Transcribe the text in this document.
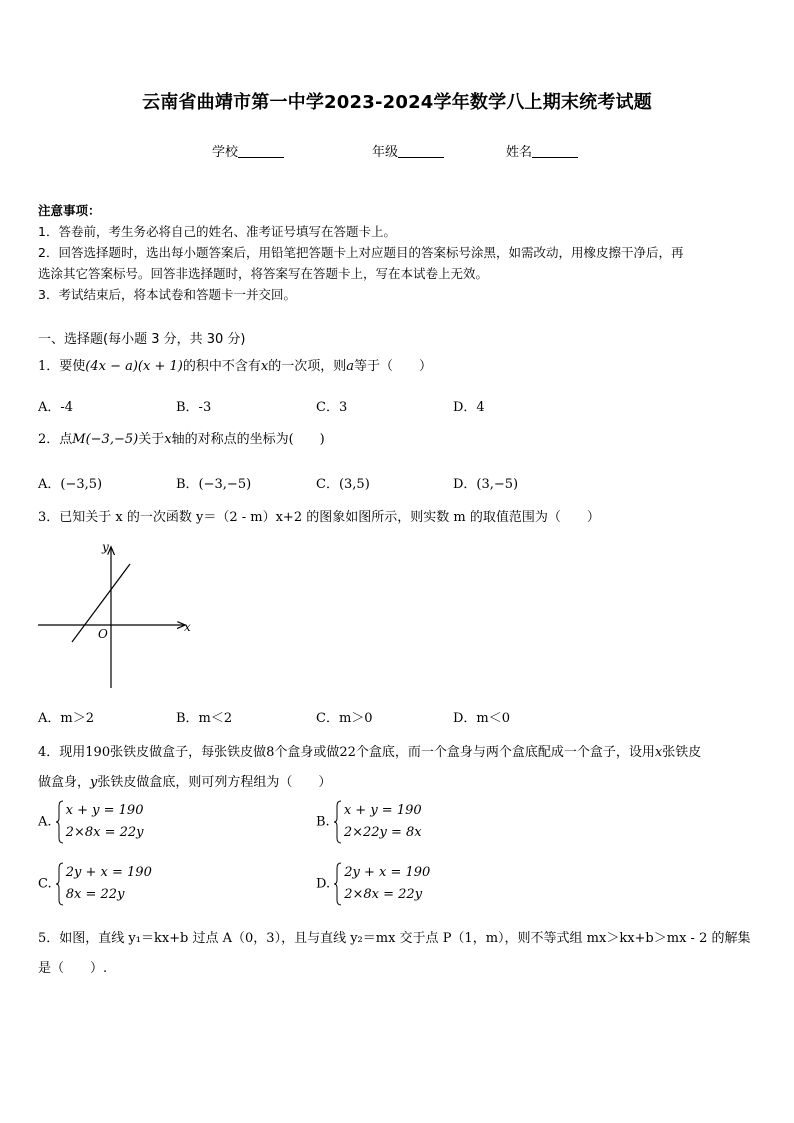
云南省曲靖市第一中学2023-2024学年数学八上期末统考试题
学校	年级	姓名
注意事项：
1．答卷前，考生务必将自己的姓名、准考证号填写在答题卡上。
2．回答选择题时，选出每小题答案后，用铅笔把答题卡上对应题目的答案标号涂黑，如需改动，用橡皮擦干净后，再
选涂其它答案标号。回答非选择题时，将答案写在答题卡上，写在本试卷上无效。
3．考试结束后，将本试卷和答题卡一并交回。
一、选择题(每小题 3 分，共 30 分)
1．要使(4x − a)(x + 1)的积中不含有x的一次项，则a等于（　　）
A．-4	B．-3	C．3	D．4
2．点M(−3,−5)关于x轴的对称点的坐标为(　　)
A．(−3,5)	B．(−3,−5)	C．(3,5)	D．(3,−5)
3．已知关于 x 的一次函数 y＝（2 - m）x+2 的图象如图所示，则实数 m 的取值范围为（　　）
x
y
O
A．m＞2	B．m＜2	C．m＞0	D．m＜0
4．现用190张铁皮做盒子，每张铁皮做8个盒身或做22个盒底，而一个盒身与两个盒底配成一个盒子，设用x张铁皮
做盒身，y张铁皮做盒底，则可列方程组为（　　）
A.
x + y = 190
2×8x = 22y
B.
x + y = 190
2×22y = 8x
C.
2y + x = 190
8x = 22y
D.
2y + x = 190
2×8x = 22y
5．如图，直线 y₁＝kx+b 过点 A（0，3），且与直线 y₂＝mx 交于点 P（1，m），则不等式组 mx＞kx+b＞mx - 2 的解集
是（　　）.
